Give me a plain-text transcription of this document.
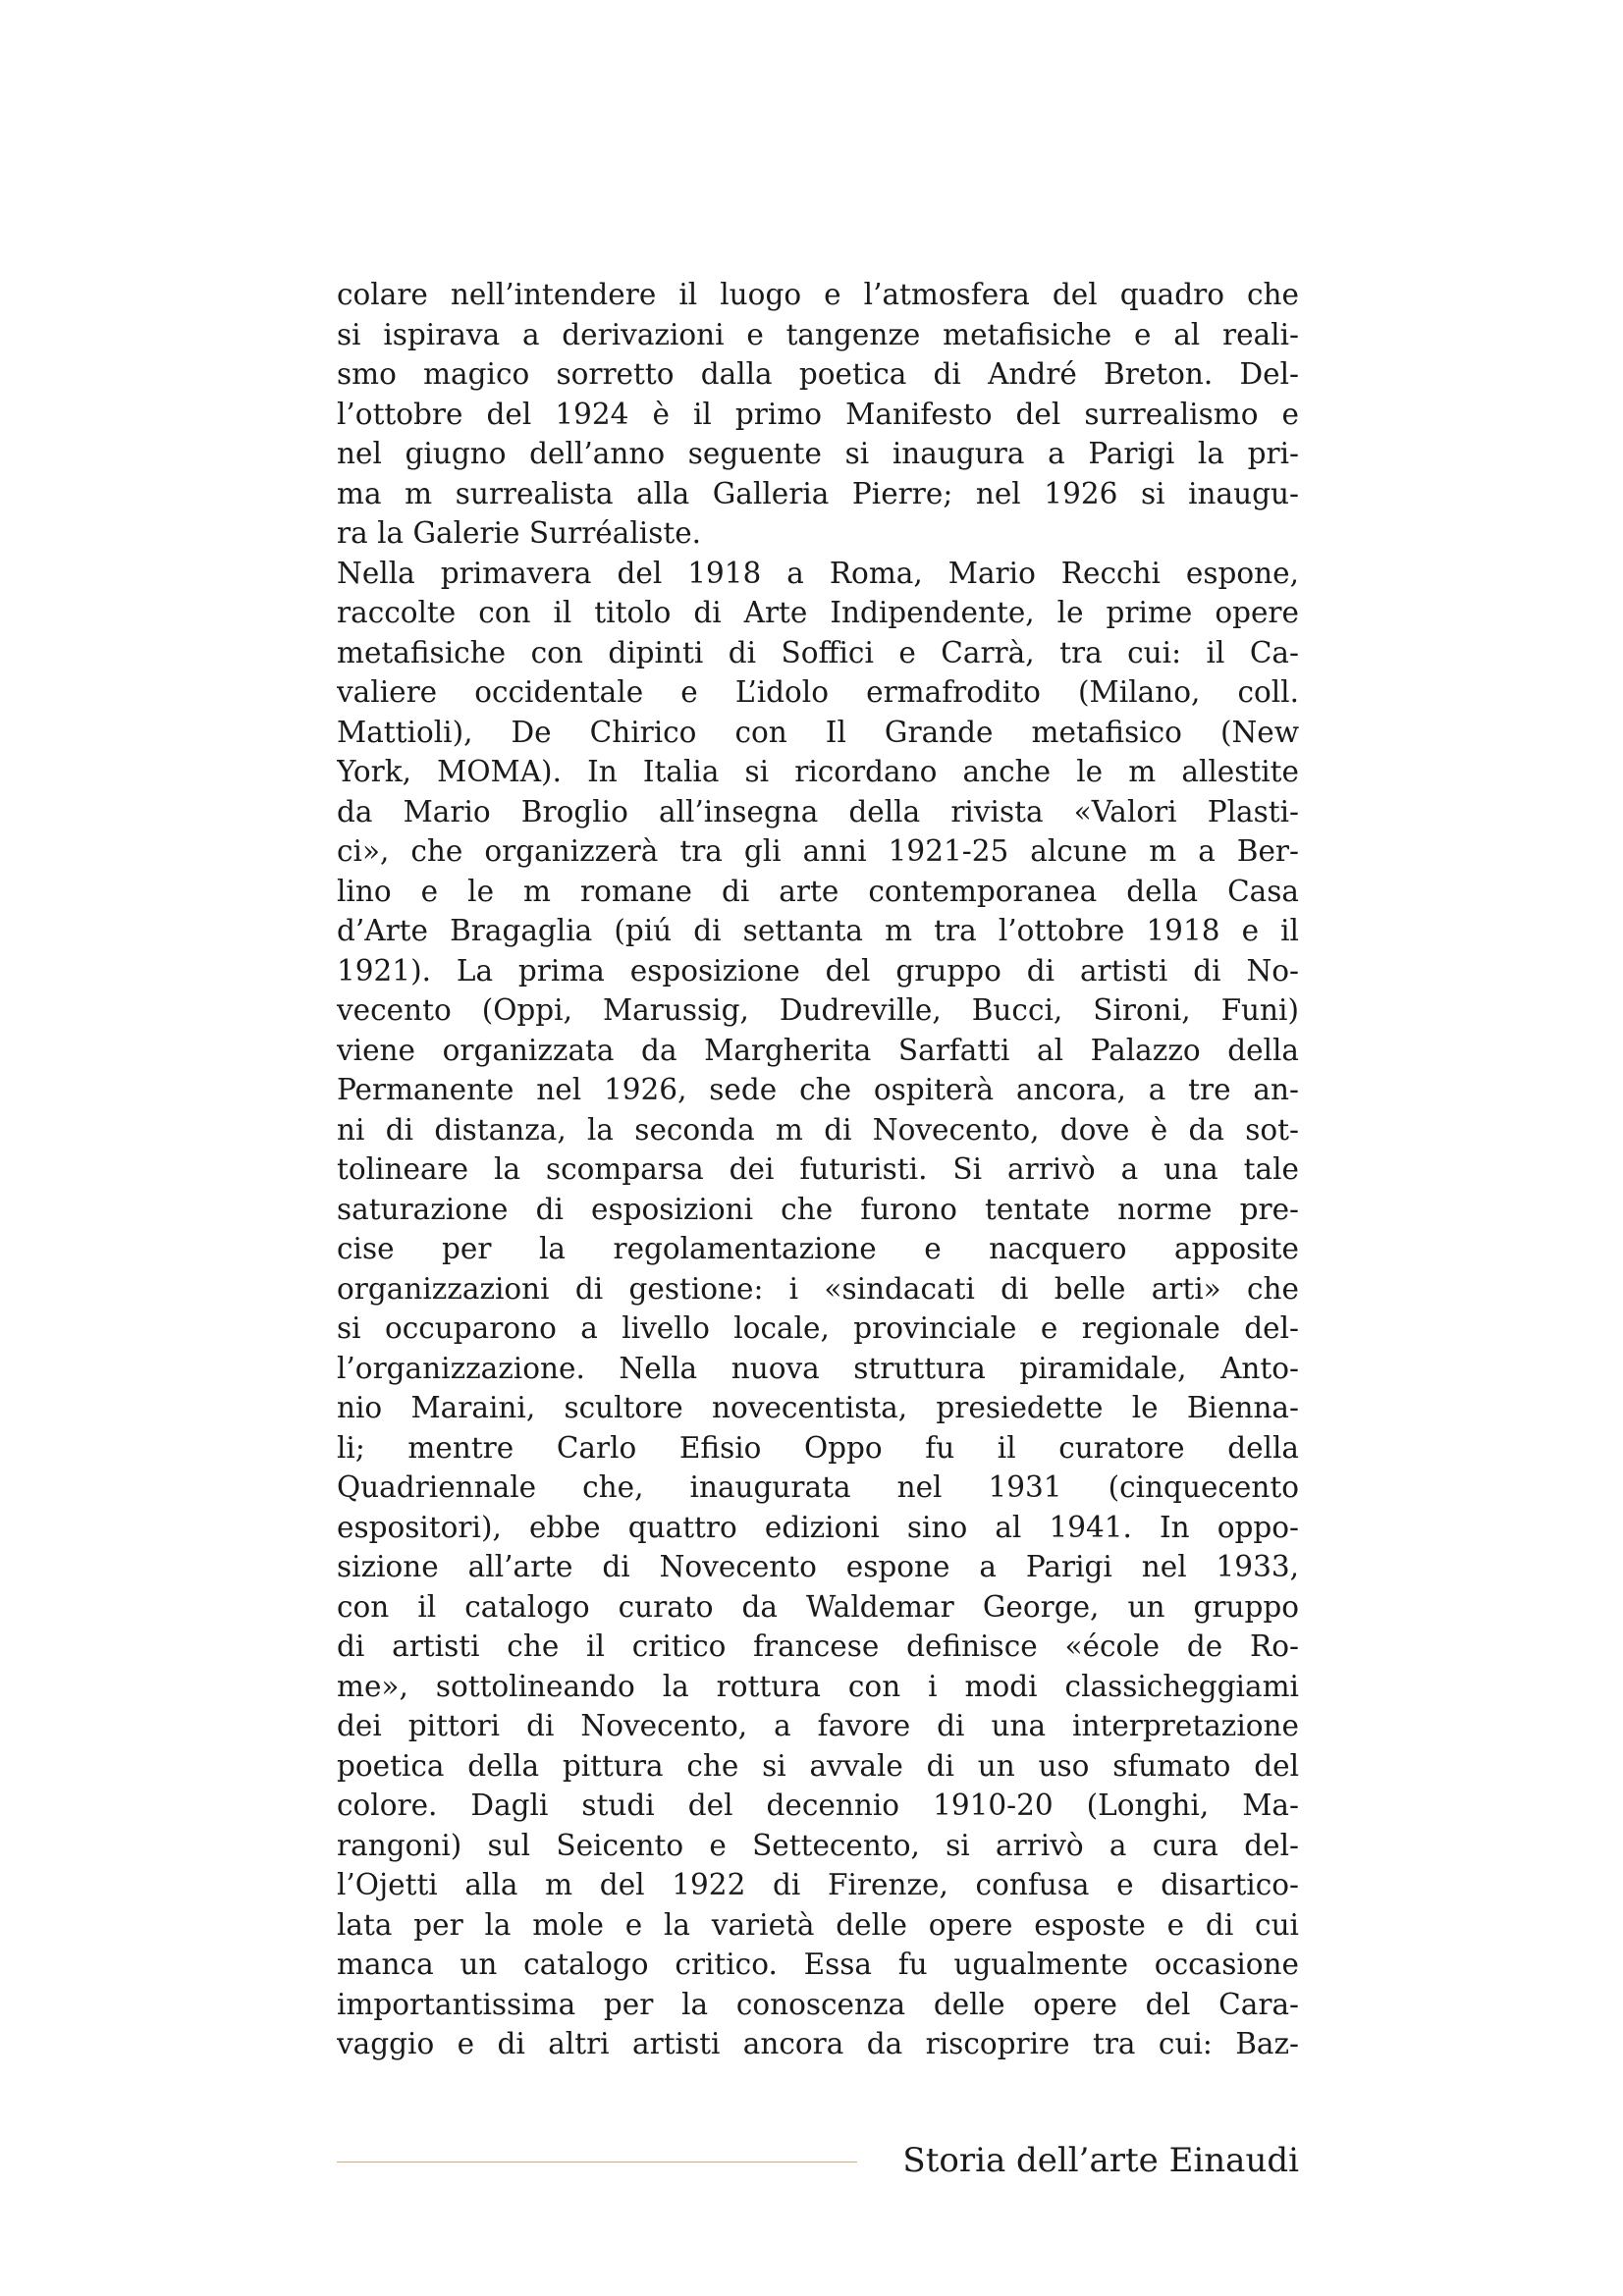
colare nell’intendere il luogo e l’atmosfera del quadro che
si ispirava a derivazioni e tangenze metafisiche e al reali-
smo magico sorretto dalla poetica di André Breton. Del-
l’ottobre del 1924 è il primo Manifesto del surrealismo e
nel giugno dell’anno seguente si inaugura a Parigi la pri-
ma m surrealista alla Galleria Pierre; nel 1926 si inaugu-
ra la Galerie Surréaliste.
Nella primavera del 1918 a Roma, Mario Recchi espone,
raccolte con il titolo di Arte Indipendente, le prime opere
metafisiche con dipinti di Soffici e Carrà, tra cui: il Ca-
valiere occidentale e L’idolo ermafrodito (Milano, coll.
Mattioli), De Chirico con Il Grande metafisico (New
York, MOMA). In Italia si ricordano anche le m allestite
da Mario Broglio all’insegna della rivista «Valori Plasti-
ci», che organizzerà tra gli anni 1921-25 alcune m a Ber-
lino e le m romane di arte contemporanea della Casa
d’Arte Bragaglia (piú di settanta m tra l’ottobre 1918 e il
1921). La prima esposizione del gruppo di artisti di No-
vecento (Oppi, Marussig, Dudreville, Bucci, Sironi, Funi)
viene organizzata da Margherita Sarfatti al Palazzo della
Permanente nel 1926, sede che ospiterà ancora, a tre an-
ni di distanza, la seconda m di Novecento, dove è da sot-
tolineare la scomparsa dei futuristi. Si arrivò a una tale
saturazione di esposizioni che furono tentate norme pre-
cise per la regolamentazione e nacquero apposite
organizzazioni di gestione: i «sindacati di belle arti» che
si occuparono a livello locale, provinciale e regionale del-
l’organizzazione. Nella nuova struttura piramidale, Anto-
nio Maraini, scultore novecentista, presiedette le Bienna-
li; mentre Carlo Efisio Oppo fu il curatore della
Quadriennale che, inaugurata nel 1931 (cinquecento
espositori), ebbe quattro edizioni sino al 1941. In oppo-
sizione all’arte di Novecento espone a Parigi nel 1933,
con il catalogo curato da Waldemar George, un gruppo
di artisti che il critico francese definisce «école de Ro-
me», sottolineando la rottura con i modi classicheggiami
dei pittori di Novecento, a favore di una interpretazione
poetica della pittura che si avvale di un uso sfumato del
colore. Dagli studi del decennio 1910-20 (Longhi, Ma-
rangoni) sul Seicento e Settecento, si arrivò a cura del-
l’Ojetti alla m del 1922 di Firenze, confusa e disartico-
lata per la mole e la varietà delle opere esposte e di cui
manca un catalogo critico. Essa fu ugualmente occasione
importantissima per la conoscenza delle opere del Cara-
vaggio e di altri artisti ancora da riscoprire tra cui: Baz-
Storia dell’arte Einaudi
